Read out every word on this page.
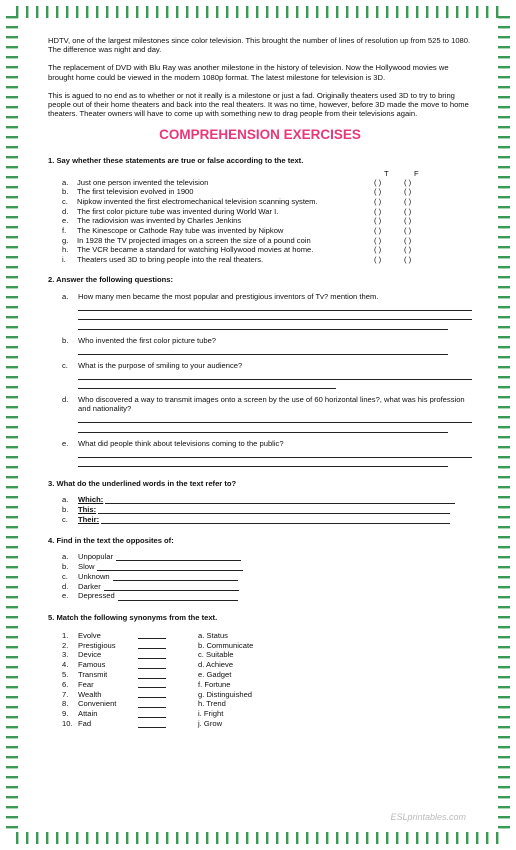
HDTV, one of the largest milestones since color television. This brought the number of lines of resolution up from 525 to 1080. The difference was night and day.

The replacement of DVD with Blu Ray was another milestone in the history of television. Now the Hollywood movies we brought home could be viewed in the modern 1080p format. The latest milestone for television is 3D.

This is agued to no end as to whether or not it really is a milestone or just a fad. Originally theaters used 3D to try to bring people out of their home theaters and back into the real theaters. It was no time, however, before 3D made the move to home theaters. Theater owners will have to come up with something new to drag people from their televisions again.

COMPREHENSION EXERCISES
1. Say whether these statements are true or false according to the text.
T	F
a.	Just one person invented the television	( )	( )
b.	The first television evolved in 1900	( )	( )
c.	Nipkow invented the first electromechanical television scanning system.	( )	( )
d.	The first color picture tube was invented during World War I.	( )	( )
e.	The radiovision was invented by Charles Jenkins	( )	( )
f.	The Kinescope or Cathode Ray tube was invented by Nipkow	( )	( )
g.	In 1928 the TV projected images on a screen the size of a pound coin	( )	( )
h.	The VCR became a standard for watching Hollywood movies at home.	( )	( )
i.	Theaters used 3D to bring people into the real theaters.	( )	( )
2. Answer the following questions:
a.	How many men became the most popular and prestigious inventors of Tv? mention them.
b.	Who invented the first color picture tube?
c.	What is the purpose of smiling to your audience?
d.	Who discovered a way to transmit images onto a screen by the use of 60 horizontal lines?, what was his profession and nationality?
e.	What did people think about televisions coming to the public?
3. What do the underlined words in the text refer to?
a.	Which:
b.	This:
c.	Their:
4. Find in the text the opposites of:
a.	Unpopular
b.	Slow
c.	Unknown
d.	Darker
e.	Depressed
5. Match the following synonyms from the text.
1.	Evolve	a. Status
2.	Prestigious	b. Communicate
3.	Device	c. Suitable
4.	Famous	d. Achieve
5.	Transmit	e. Gadget
6.	Fear	f. Fortune
7.	Wealth	g. Distinguished
8.	Convenient	h. Trend
9.	Attain	i. Fright
10. Fad	j. Grow
ESLprintables.com
